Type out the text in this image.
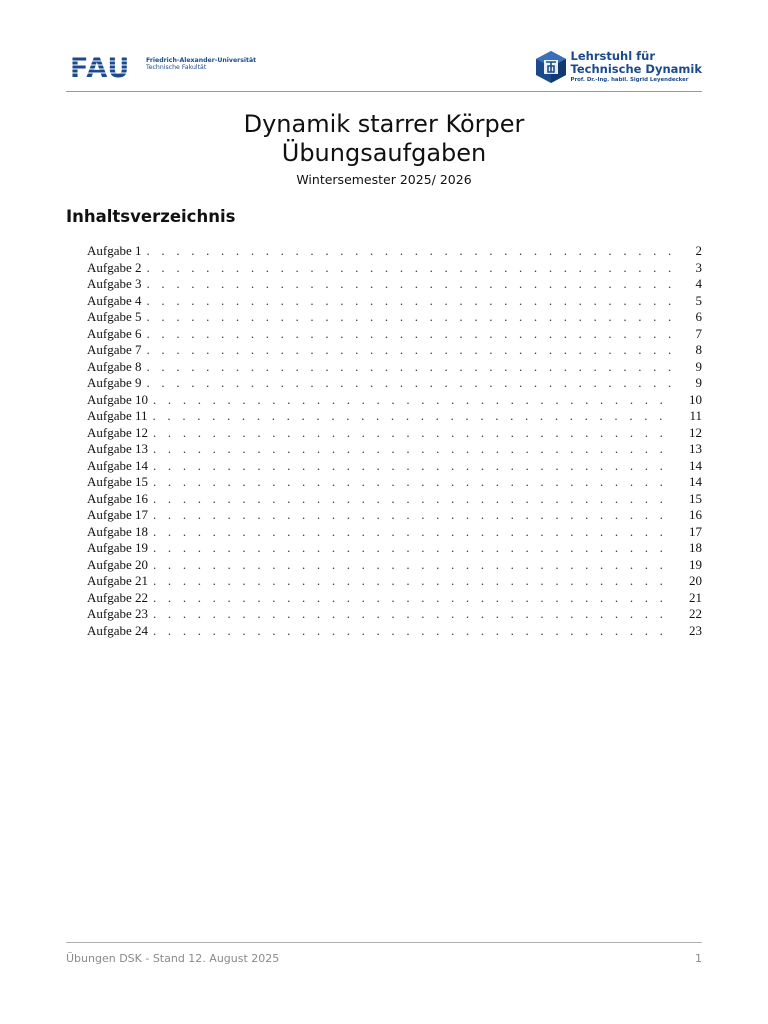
FAU	Friedrich-Alexander-Universität
Technische Fakultät
Lehrstuhl für
Technische Dynamik
Prof. Dr.-Ing. habil. Sigrid Leyendecker
Dynamik starrer Körper
Übungsaufgaben
Wintersemester 2025/ 2026
Inhaltsverzeichnis
Aufgabe 1 . . .	2
Aufgabe 2 . . .	3
Aufgabe 3 . . .	4
Aufgabe 4 . . .	5
Aufgabe 5 . . .	6
Aufgabe 6 . . .	7
Aufgabe 7 . . .	8
Aufgabe 8 . . .	9
Aufgabe 9 . . .	9
Aufgabe 10 . . .	10
Aufgabe 11 . . .	11
Aufgabe 12 . . .	12
Aufgabe 13 . . .	13
Aufgabe 14 . . .	14
Aufgabe 15 . . .	14
Aufgabe 16 . . .	15
Aufgabe 17 . . .	16
Aufgabe 18 . . .	17
Aufgabe 19 . . .	18
Aufgabe 20 . . .	19
Aufgabe 21 . . .	20
Aufgabe 22 . . .	21
Aufgabe 23 . . .	22
Aufgabe 24 . . .	23
Übungen DSK - Stand 12. August 2025	1
